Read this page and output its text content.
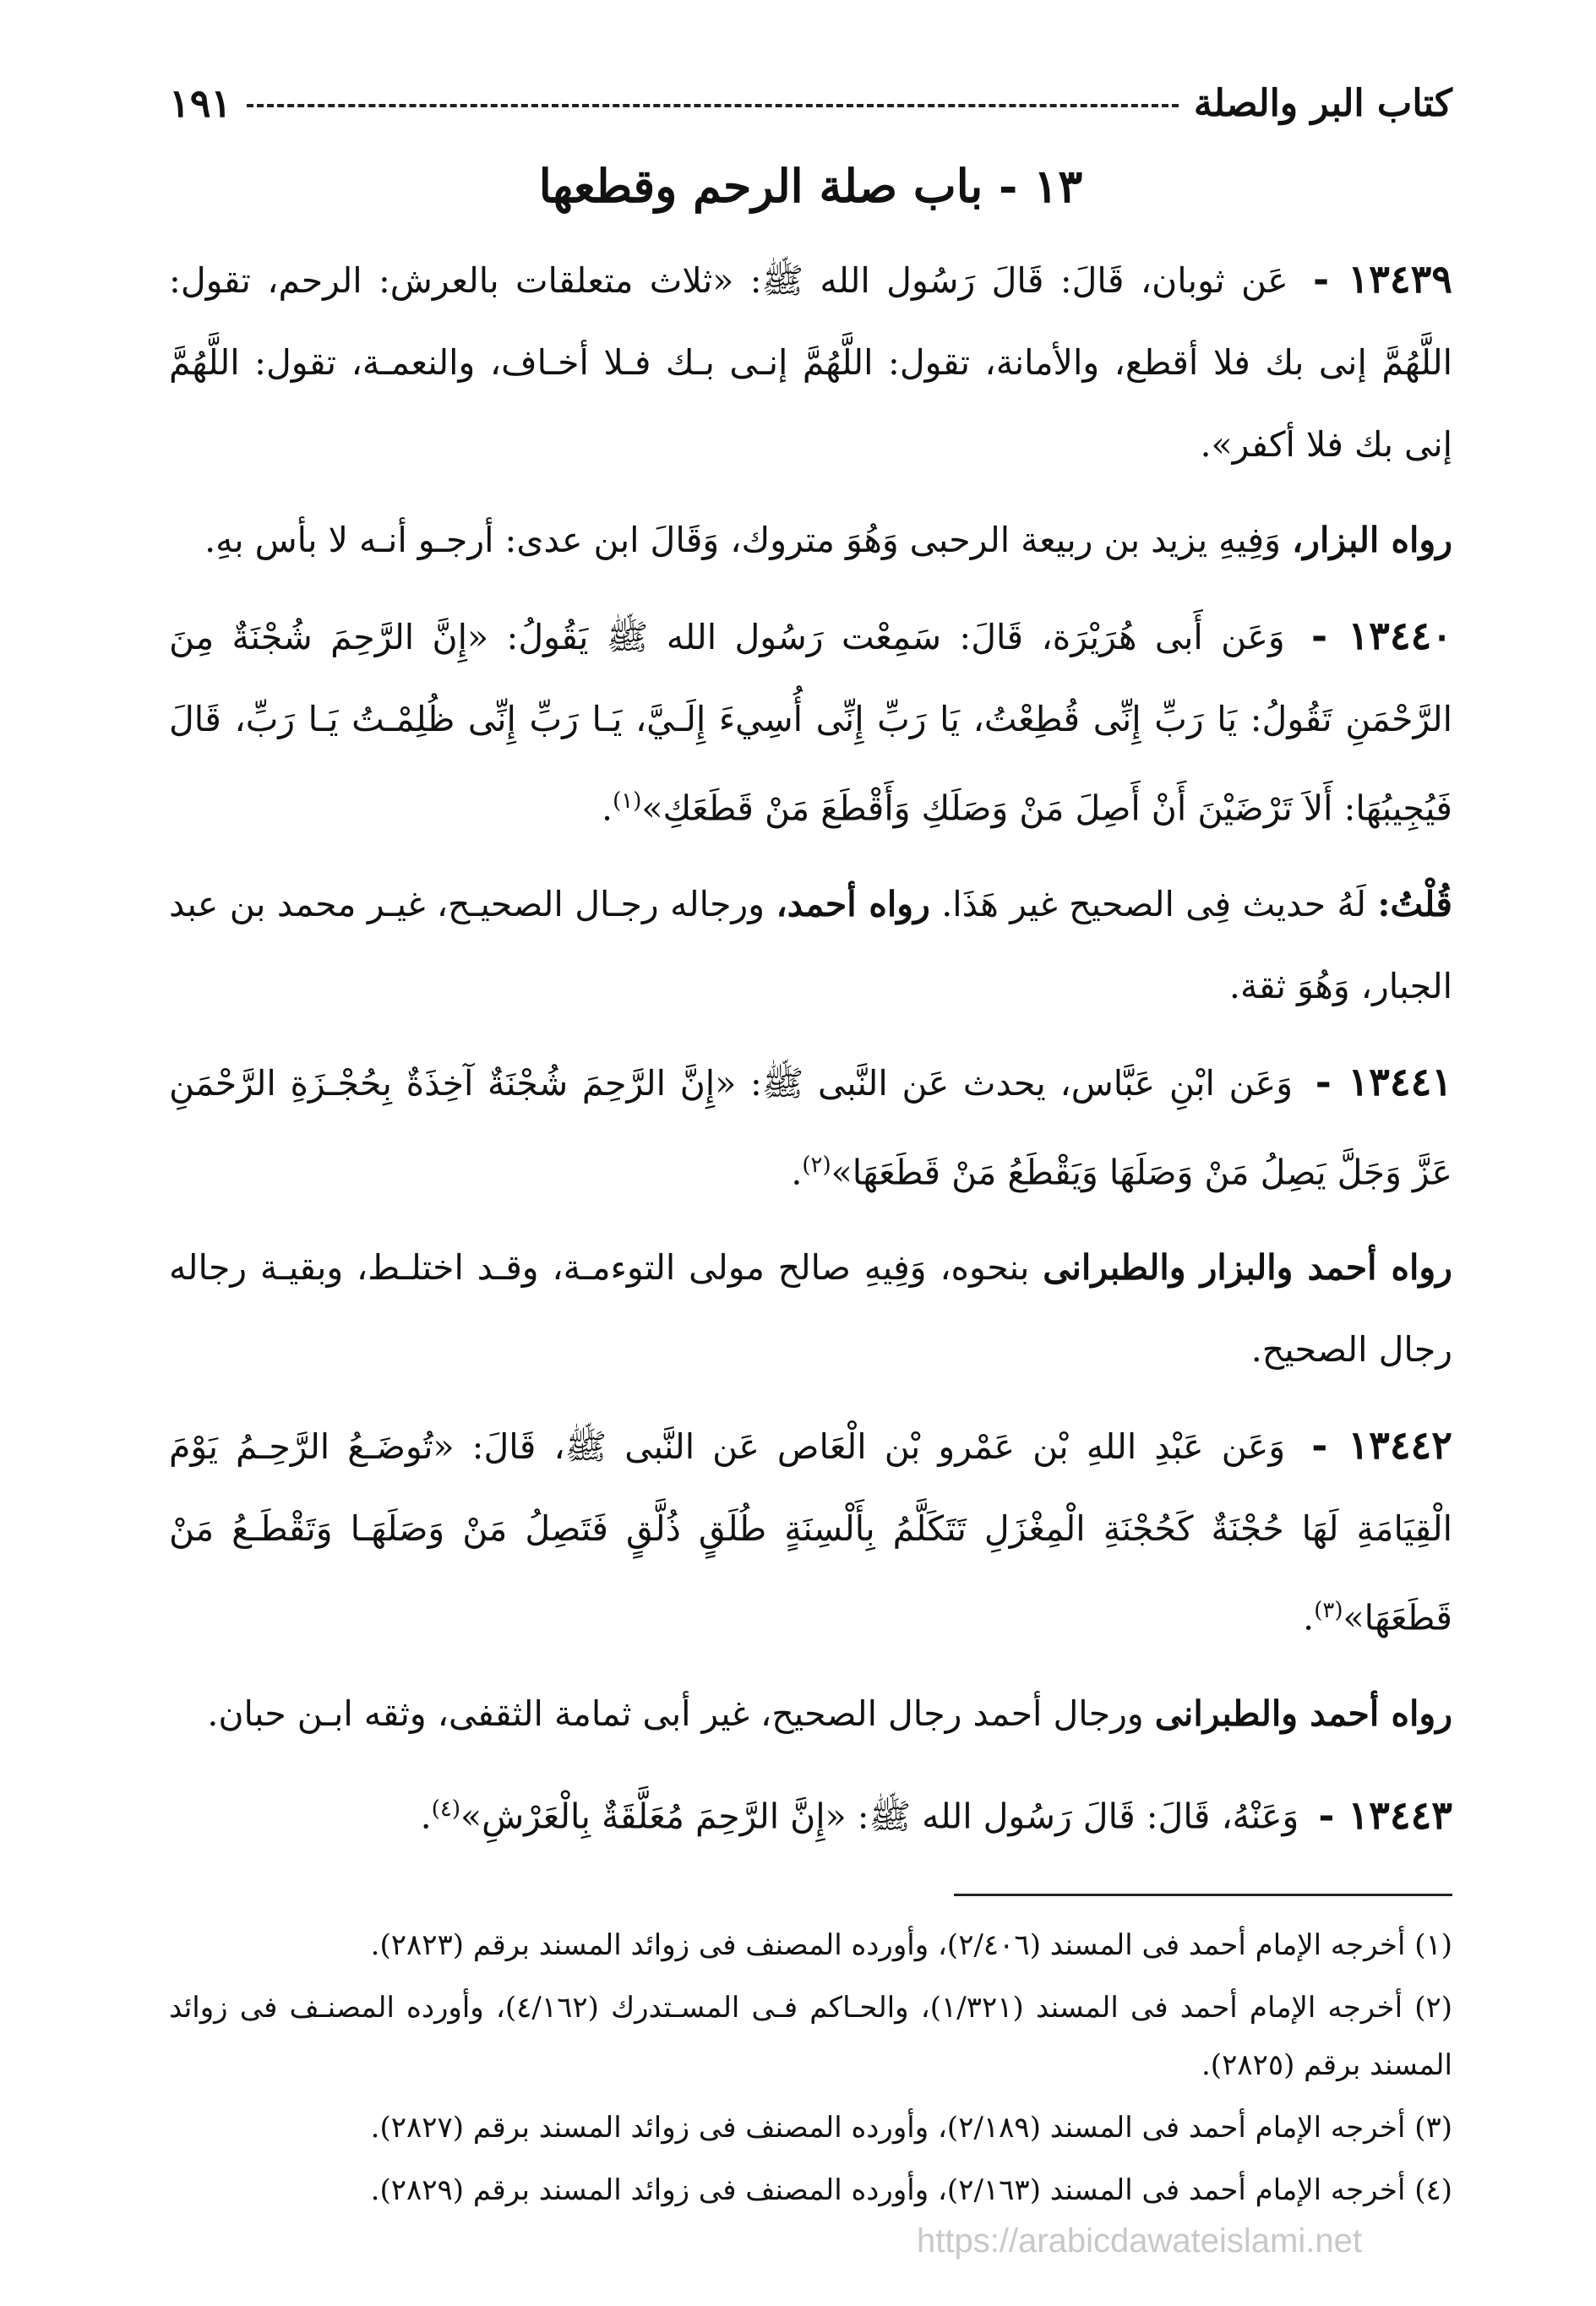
كتاب البر والصلة
١٩١
١٣ - باب صلة الرحم وقطعها

١٣٤٣٩ - عَن ثوبان، قَالَ: قَالَ رَسُول الله ﷺ: «ثلاث متعلقات بالعرش: الرحم، تقول: اللَّهُمَّ إنى بك فلا أقطع، والأمانة، تقول: اللَّهُمَّ إنـى بـك فـلا أخـاف، والنعمـة، تقول: اللَّهُمَّ إنى بك فلا أكفر».

رواه البزار، وَفِيهِ يزيد بن ربيعة الرحبى وَهُوَ متروك، وَقَالَ ابن عدى: أرجـو أنـه لا بأس بهِ.

١٣٤٤٠ - وَعَن أَبى هُرَيْرَة، قَالَ: سَمِعْت رَسُول الله ﷺ يَقُولُ: «إِنَّ الرَّحِمَ شُجْنَةٌ مِنَ الرَّحْمَنِ تَقُولُ: يَا رَبِّ إِنِّى قُطِعْتُ، يَا رَبِّ إِنِّى أُسِيءَ إِلَـيَّ، يَـا رَبِّ إِنِّى ظُلِمْـتُ يَـا رَبِّ، قَالَ فَيُجِيبُهَا: أَلاَ تَرْضَيْنَ أَنْ أَصِلَ مَنْ وَصَلَكِ وَأَقْطَعَ مَنْ قَطَعَكِ»$^{(١)}$.

قُلْتُ: لَهُ حديث فِى الصحيح غير هَذَا. رواه أحمد، ورجاله رجـال الصحيـح، غيـر محمد بن عبد الجبار، وَهُوَ ثقة.

١٣٤٤١ - وَعَن ابْنِ عَبَّاس، يحدث عَن النَّبى ﷺ: «إِنَّ الرَّحِمَ شُجْنَةٌ آخِذَةٌ بِحُجْـزَةِ الرَّحْمَنِ عَزَّ وَجَلَّ يَصِلُ مَنْ وَصَلَهَا وَيَقْطَعُ مَنْ قَطَعَهَا»$^{(٢)}$.

رواه أحمد والبزار والطبرانى بنحوه، وَفِيهِ صالح مولى التوءمـة، وقـد اختلـط، وبقيـة رجاله رجال الصحيح.

١٣٤٤٢ - وَعَن عَبْدِ اللهِ بْن عَمْرو بْن الْعَاص عَن النَّبى ﷺ، قَالَ: «تُوضَـعُ الرَّحِـمُ يَوْمَ الْقِيَامَةِ لَهَا حُجْنَةٌ كَحُجْنَةِ الْمِغْزَلِ تَتَكَلَّمُ بِأَلْسِنَةٍ طُلَقٍ ذُلَّقٍ فَتَصِلُ مَنْ وَصَلَهَـا وَتَقْطَـعُ مَنْ قَطَعَهَا»$^{(٣)}$.

رواه أحمد والطبرانى ورجال أحمد رجال الصحيح، غير أبى ثمامة الثقفى، وثقه ابـن حبان.

١٣٤٤٣ - وَعَنْهُ، قَالَ: قَالَ رَسُول الله ﷺ: «إِنَّ الرَّحِمَ مُعَلَّقَةٌ بِالْعَرْشِ»$^{(٤)}$.

(١) أخرجه الإمام أحمد فى المسند (٢/٤٠٦)، وأورده المصنف فى زوائد المسند برقم (٢٨٢٣).

(٢) أخرجه الإمام أحمد فى المسند (١/٣٢١)، والحـاكم فـى المسـتدرك (٤/١٦٢)، وأورده المصنـف فى زوائد المسند برقم (٢٨٢٥).

(٣) أخرجه الإمام أحمد فى المسند (٢/١٨٩)، وأورده المصنف فى زوائد المسند برقم (٢٨٢٧).

(٤) أخرجه الإمام أحمد فى المسند (٢/١٦٣)، وأورده المصنف فى زوائد المسند برقم (٢٨٢٩).

https://arabicdawateislami.net
